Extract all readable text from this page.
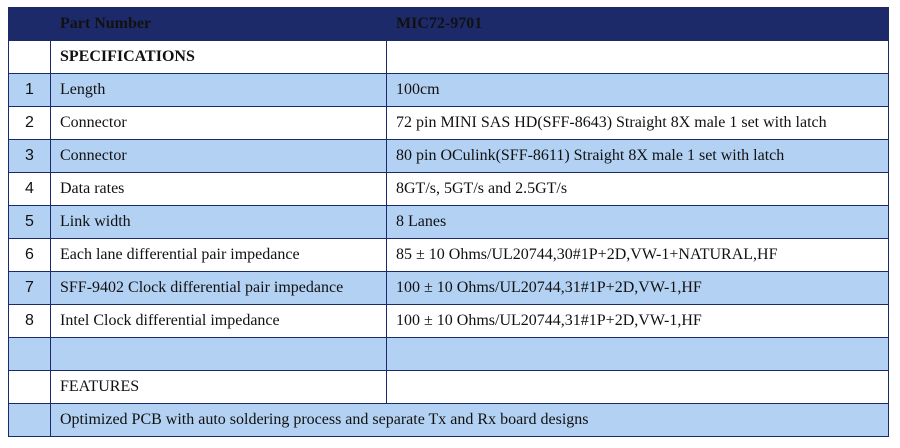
	Part Number	MIC72-9701
	SPECIFICATIONS	
1	Length	100cm
2	Connector	72 pin MINI SAS HD(SFF-8643) Straight 8X male 1 set with latch
3	Connector	80 pin OCulink(SFF-8611) Straight 8X male 1 set with latch
4	Data rates	8GT/s, 5GT/s and 2.5GT/s
5	Link width	8 Lanes
6	Each lane differential pair impedance	85 ± 10 Ohms/UL20744,30#1P+2D,VW-1+NATURAL,HF
7	SFF-9402 Clock differential pair impedance	100 ± 10 Ohms/UL20744,31#1P+2D,VW-1,HF
8	Intel Clock differential impedance	100 ± 10 Ohms/UL20744,31#1P+2D,VW-1,HF

	FEATURES	
	Optimized PCB with auto soldering process and separate Tx and Rx board designs	
